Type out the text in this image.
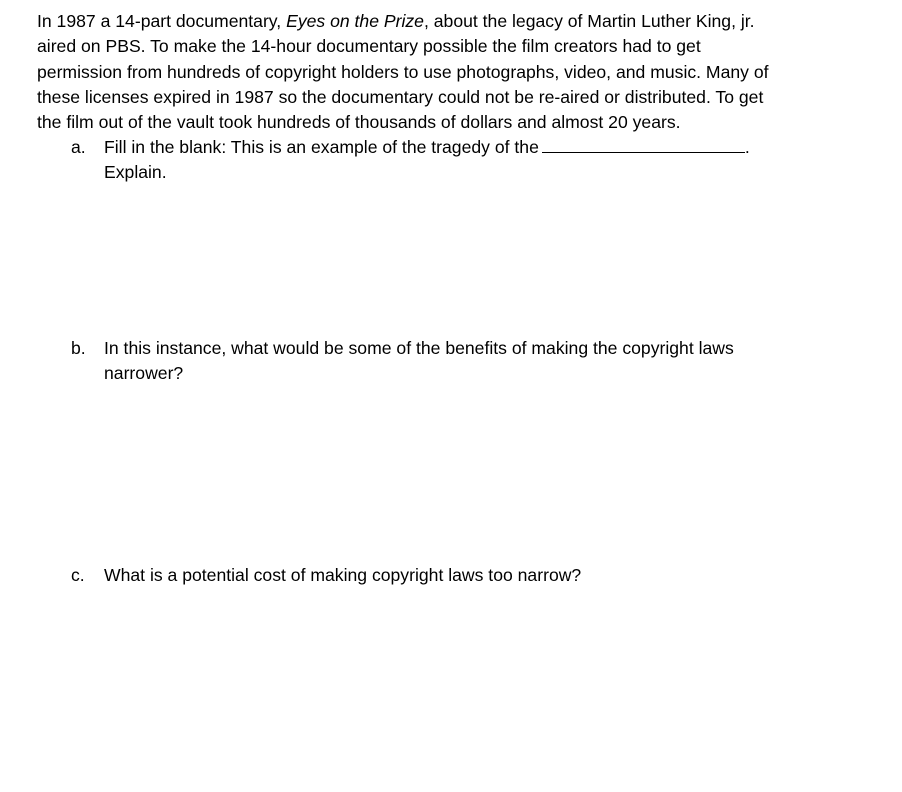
In 1987 a 14-part documentary, Eyes on the Prize, about the legacy of Martin Luther King, jr.
aired on PBS. To make the 14-hour documentary possible the film creators had to get
permission from hundreds of copyright holders to use photographs, video, and music. Many of
these licenses expired in 1987 so the documentary could not be re-aired or distributed. To get
the film out of the vault took hundreds of thousands of dollars and almost 20 years.

a. Fill in the blank: This is an example of the tragedy of the	.
Explain.
b. In this instance, what would be some of the benefits of making the copyright laws
narrower?
c. What is a potential cost of making copyright laws too narrow?
